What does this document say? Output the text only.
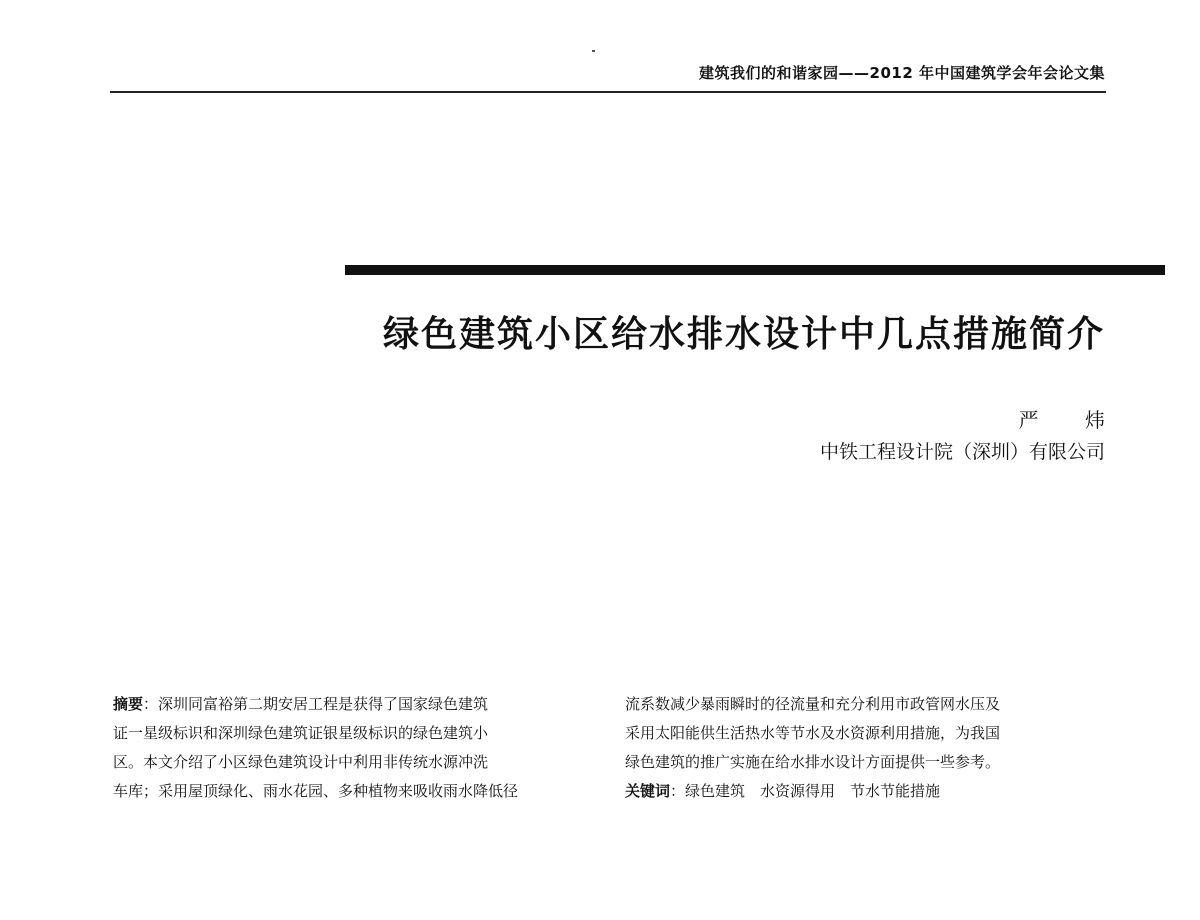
建筑我们的和谐家园——2012 年中国建筑学会年会论文集
绿色建筑小区给水排水设计中几点措施简介
严 炜
中铁工程设计院（深圳）有限公司
摘要：深圳同富裕第二期安居工程是获得了国家绿色建筑
证一星级标识和深圳绿色建筑证银星级标识的绿色建筑小
区。本文介绍了小区绿色建筑设计中利用非传统水源冲洗
车库；采用屋顶绿化、雨水花园、多种植物来吸收雨水降低径
流系数减少暴雨瞬时的径流量和充分利用市政管网水压及
采用太阳能供生活热水等节水及水资源利用措施，为我国
绿色建筑的推广实施在给水排水设计方面提供一些参考。
关键词：绿色建筑　水资源得用　节水节能措施
